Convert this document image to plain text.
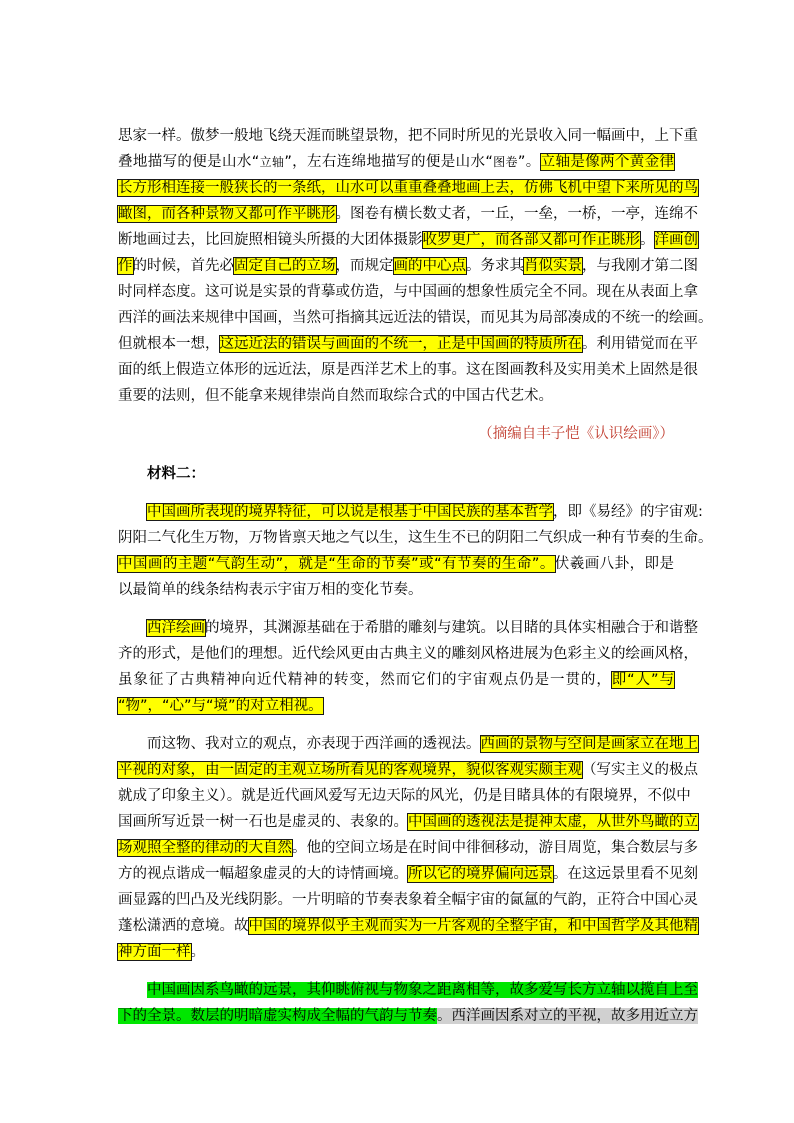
思家一样。傲梦一般地飞绕天涯而眺望景物，把不同时所见的光景收入同一幅画中，上下重
叠地描写的便是山水“立轴”，左右连绵地描写的便是山水“图卷”。立轴是像两个黄金律
长方形相连接一般狭长的一条纸，山水可以重重叠叠地画上去，仿佛飞机中望下来所见的鸟
瞰图，而各种景物又都可作平眺形。图卷有横长数丈者，一丘，一垒，一桥，一亭，连绵不
断地画过去，比回旋照相镜头所摄的大团体摄影收罗更广，而各部又都可作正眺形。洋画创
作的时候，首先必固定自己的立场，而规定画的中心点。务求其肖似实景，与我刚才第二图
时同样态度。这可说是实景的背摹或仿造，与中国画的想象性质完全不同。现在从表面上拿
西洋的画法来规律中国画，当然可指摘其远近法的错误，而见其为局部凑成的不统一的绘画。
但就根本一想，这远近法的错误与画面的不统一，正是中国画的特质所在。利用错觉而在平
面的纸上假造立体形的远近法，原是西洋艺术上的事。这在图画教科及实用美术上固然是很
重要的法则，但不能拿来规律崇尚自然而取综合式的中国古代艺术。
（摘编自丰子恺《认识绘画》）
材料二：
中国画所表现的境界特征，可以说是根基于中国民族的基本哲学，即《易经》的宇宙观:
阴阳二气化生万物，万物皆禀天地之气以生，这生生不已的阴阳二气织成一种有节奏的生命。
中国画的主题“气韵生动”，就是“生命的节奏”或“有节奏的生命”。伏羲画八卦，即是
以最简单的线条结构表示宇宙万相的变化节奏。
西洋绘画的境界，其渊源基础在于希腊的雕刻与建筑。以目睹的具体实相融合于和谐整
齐的形式，是他们的理想。近代绘风更由古典主义的雕刻风格进展为色彩主义的绘画风格，
虽象征了古典精神向近代精神的转变，然而它们的宇宙观点仍是一贯的，即“人”与
“物”，“心”与“境”的对立相视。
而这物、我对立的观点，亦表现于西洋画的透视法。西画的景物与空间是画家立在地上
平视的对象，由一固定的主观立场所看见的客观境界，貌似客观实颇主观（写实主义的极点
就成了印象主义）。就是近代画风爱写无边天际的风光，仍是目睹具体的有限境界，不似中
国画所写近景一树一石也是虚灵的、表象的。中国画的透视法是提神太虚，从世外鸟瞰的立
场观照全整的律动的大自然。他的空间立场是在时间中徘徊移动，游目周览，集合数层与多
方的视点谐成一幅超象虚灵的大的诗情画境。所以它的境界偏向远景。在这远景里看不见刻
画显露的凹凸及光线阴影。一片明暗的节奏表象着全幅宇宙的氤氲的气韵，正符合中国心灵
蓬松潇洒的意境。故中国的境界似乎主观而实为一片客观的全整宇宙，和中国哲学及其他精
神方面一样。
中国画因系鸟瞰的远景，其仰眺俯视与物象之距离相等，故多爱写长方立轴以揽自上至
下的全景。数层的明暗虚实构成全幅的气韵与节奏。西洋画因系对立的平视，故多用近立方
